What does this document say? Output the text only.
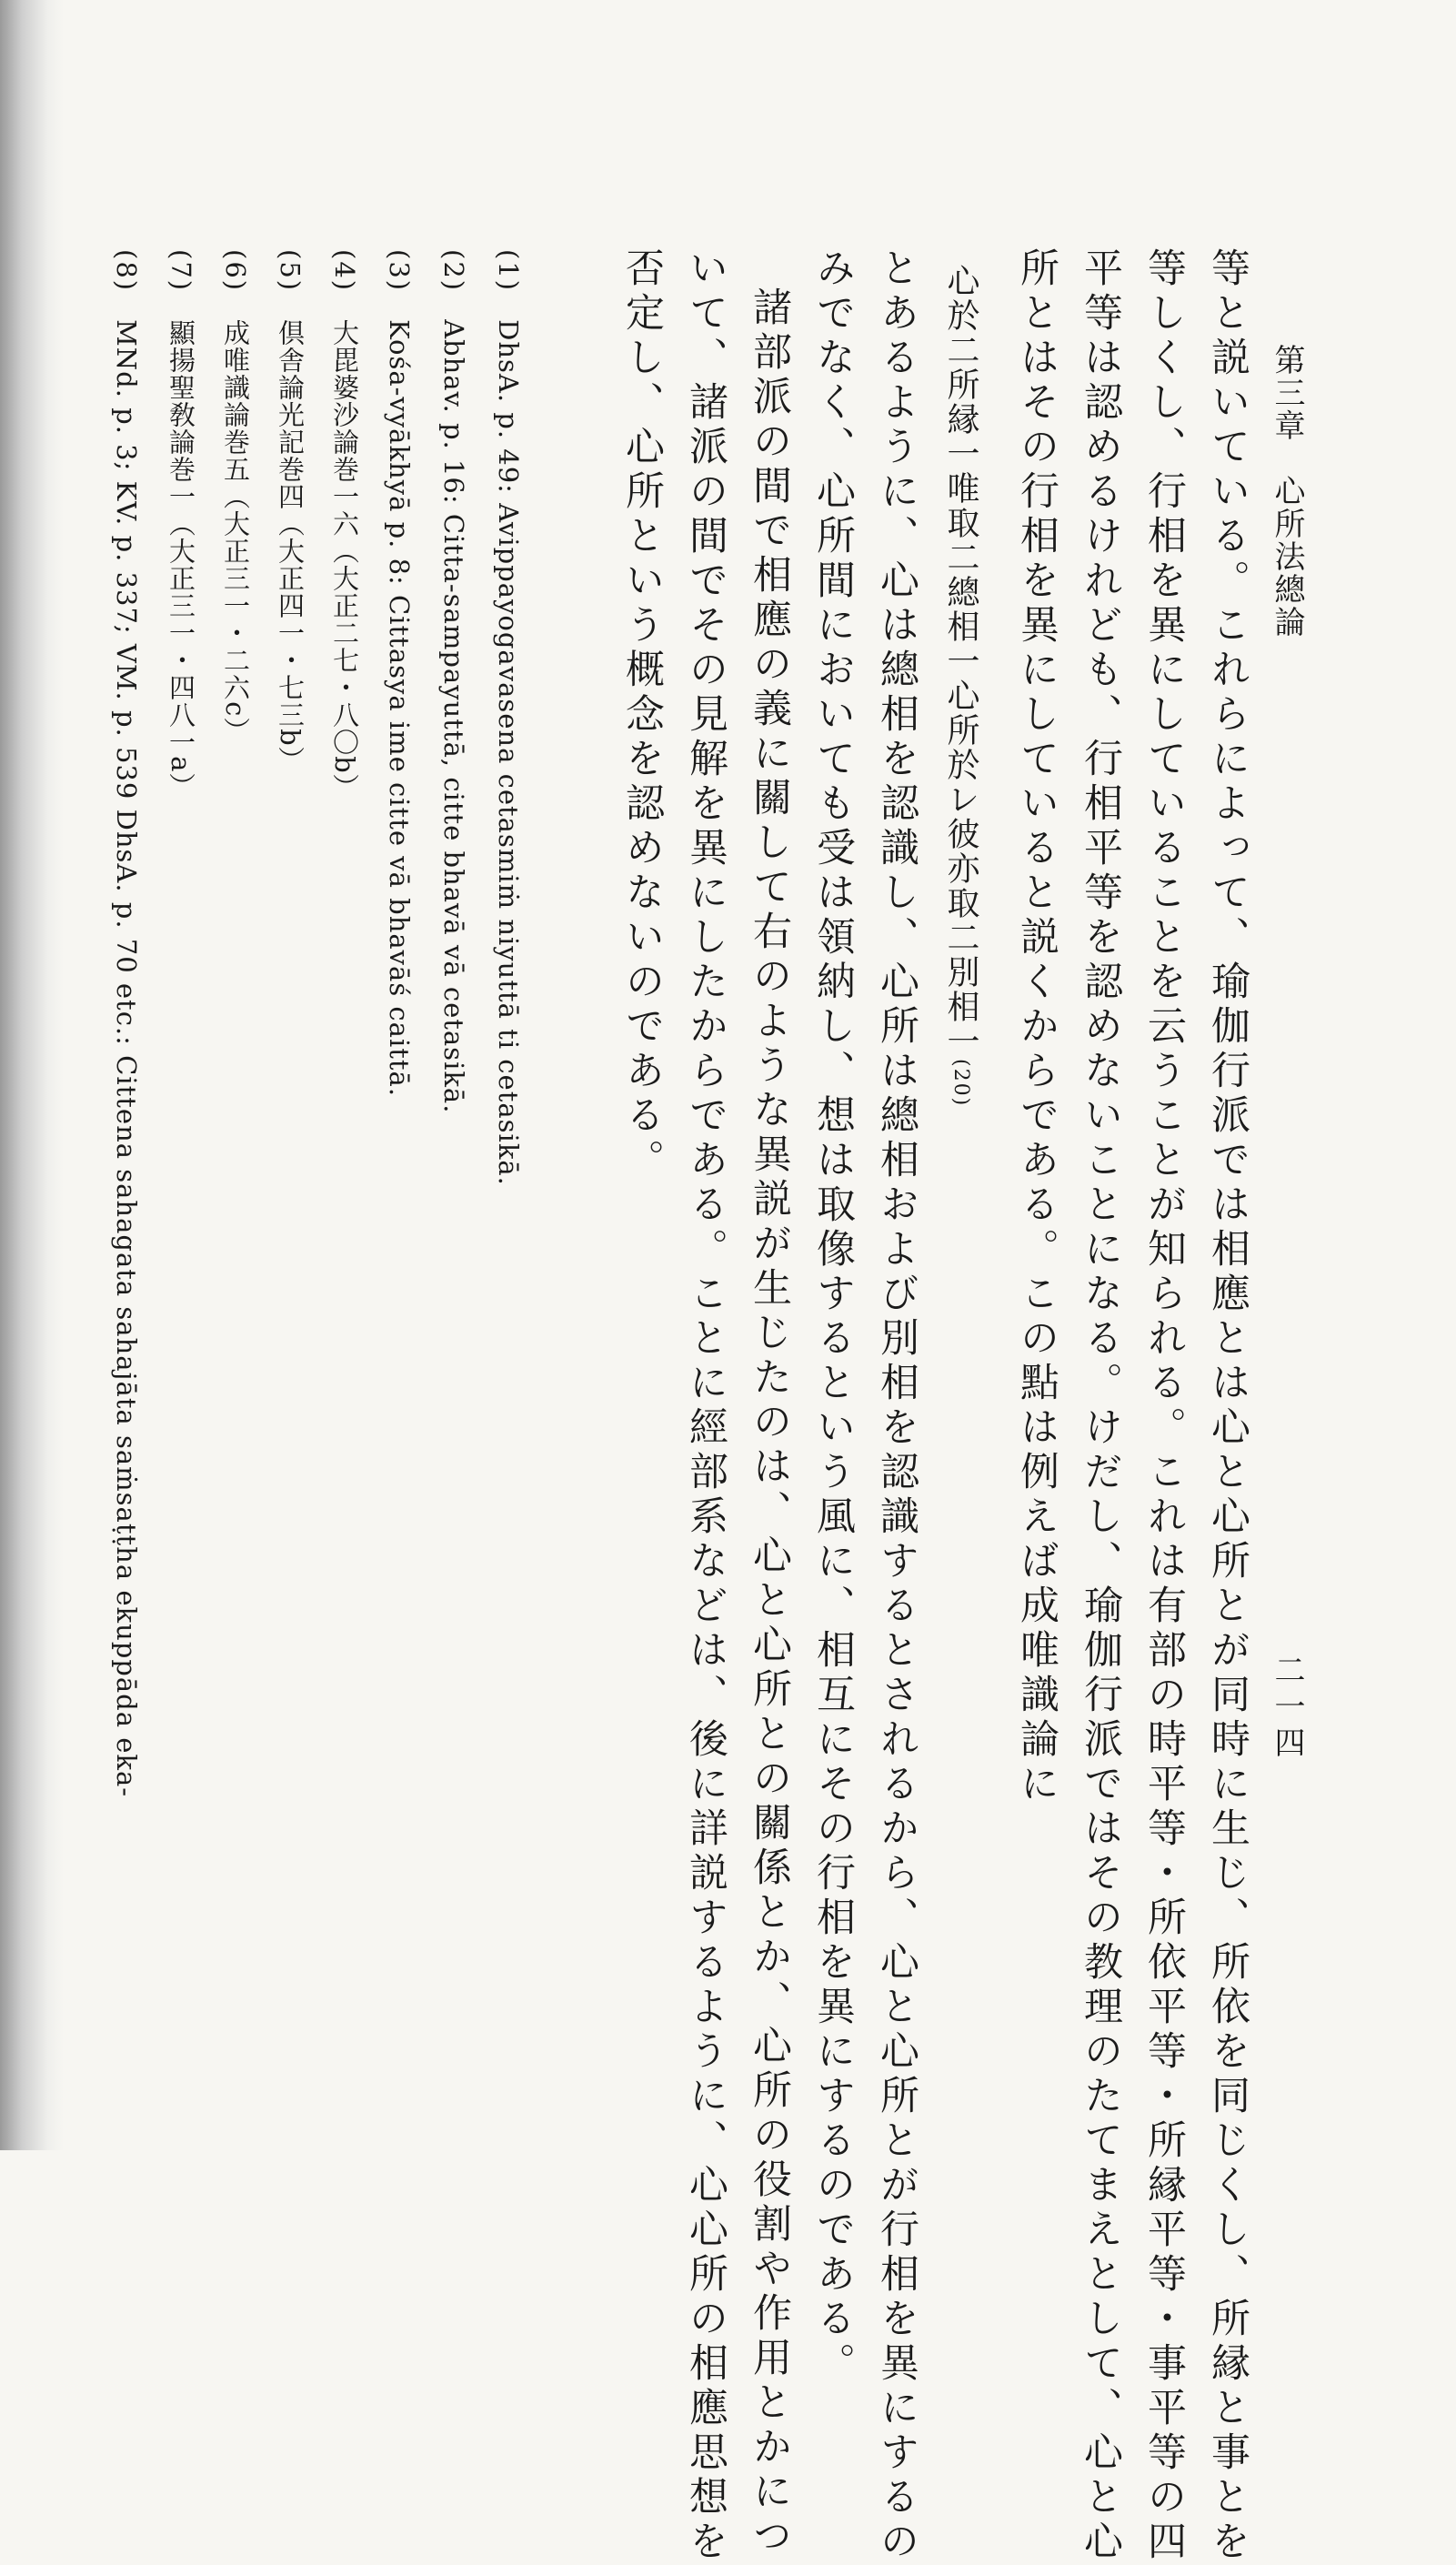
第三章　心所法總論
二一四
等と説いている。これらによって、瑜伽行派では相應とは心と心所とが同時に生じ、所依を同じくし、所縁と事とを
等しくし、行相を異にしていることを云うことが知られる。これは有部の時平等・所依平等・所縁平等・事平等の四
平等は認めるけれども、行相平等を認めないことになる。けだし、瑜伽行派ではその教理のたてまえとして、心と心
所とはその行相を異にしていると説くからである。この點は例えば成唯識論に
心於二所縁一唯取二總相一心所於レ彼亦取二別相一(20)
とあるように、心は總相を認識し、心所は總相および別相を認識するとされるから、心と心所とが行相を異にするの
みでなく、心所間においても受は領納し、想は取像するという風に、相互にその行相を異にするのである。
諸部派の間で相應の義に關して右のような異説が生じたのは、心と心所との關係とか、心所の役割や作用とかにつ
いて、諸派の間でその見解を異にしたからである。ことに經部系などは、後に詳説するように、心心所の相應思想を
否定し、心所という概念を認めないのである。
(1)　DhsA. p. 49: Avippayogavasena cetasmiṁ niyuttā ti cetasikā.
(2)　Abhav. p. 16: Citta-sampayuttā, citte bhavā vā cetasikā.
(3)　Kośa-vyākhyā p. 8: Cittasya ime citte vā bhavāś caittā.
(4)　大毘婆沙論巻一六（大正二七・八〇b）
(5)　倶舎論光記巻四（大正四一・七三b）
(6)　成唯識論巻五（大正三一・二六c）
(7)　顯揚聖敎論巻一（大正三一・四八一a）
(8)　MNd. p. 3; KV. p. 337; VM. p. 539 DhsA. p. 70 etc.: Cittena sahagata sahajāta saṁsaṭṭha ekuppāda eka-
